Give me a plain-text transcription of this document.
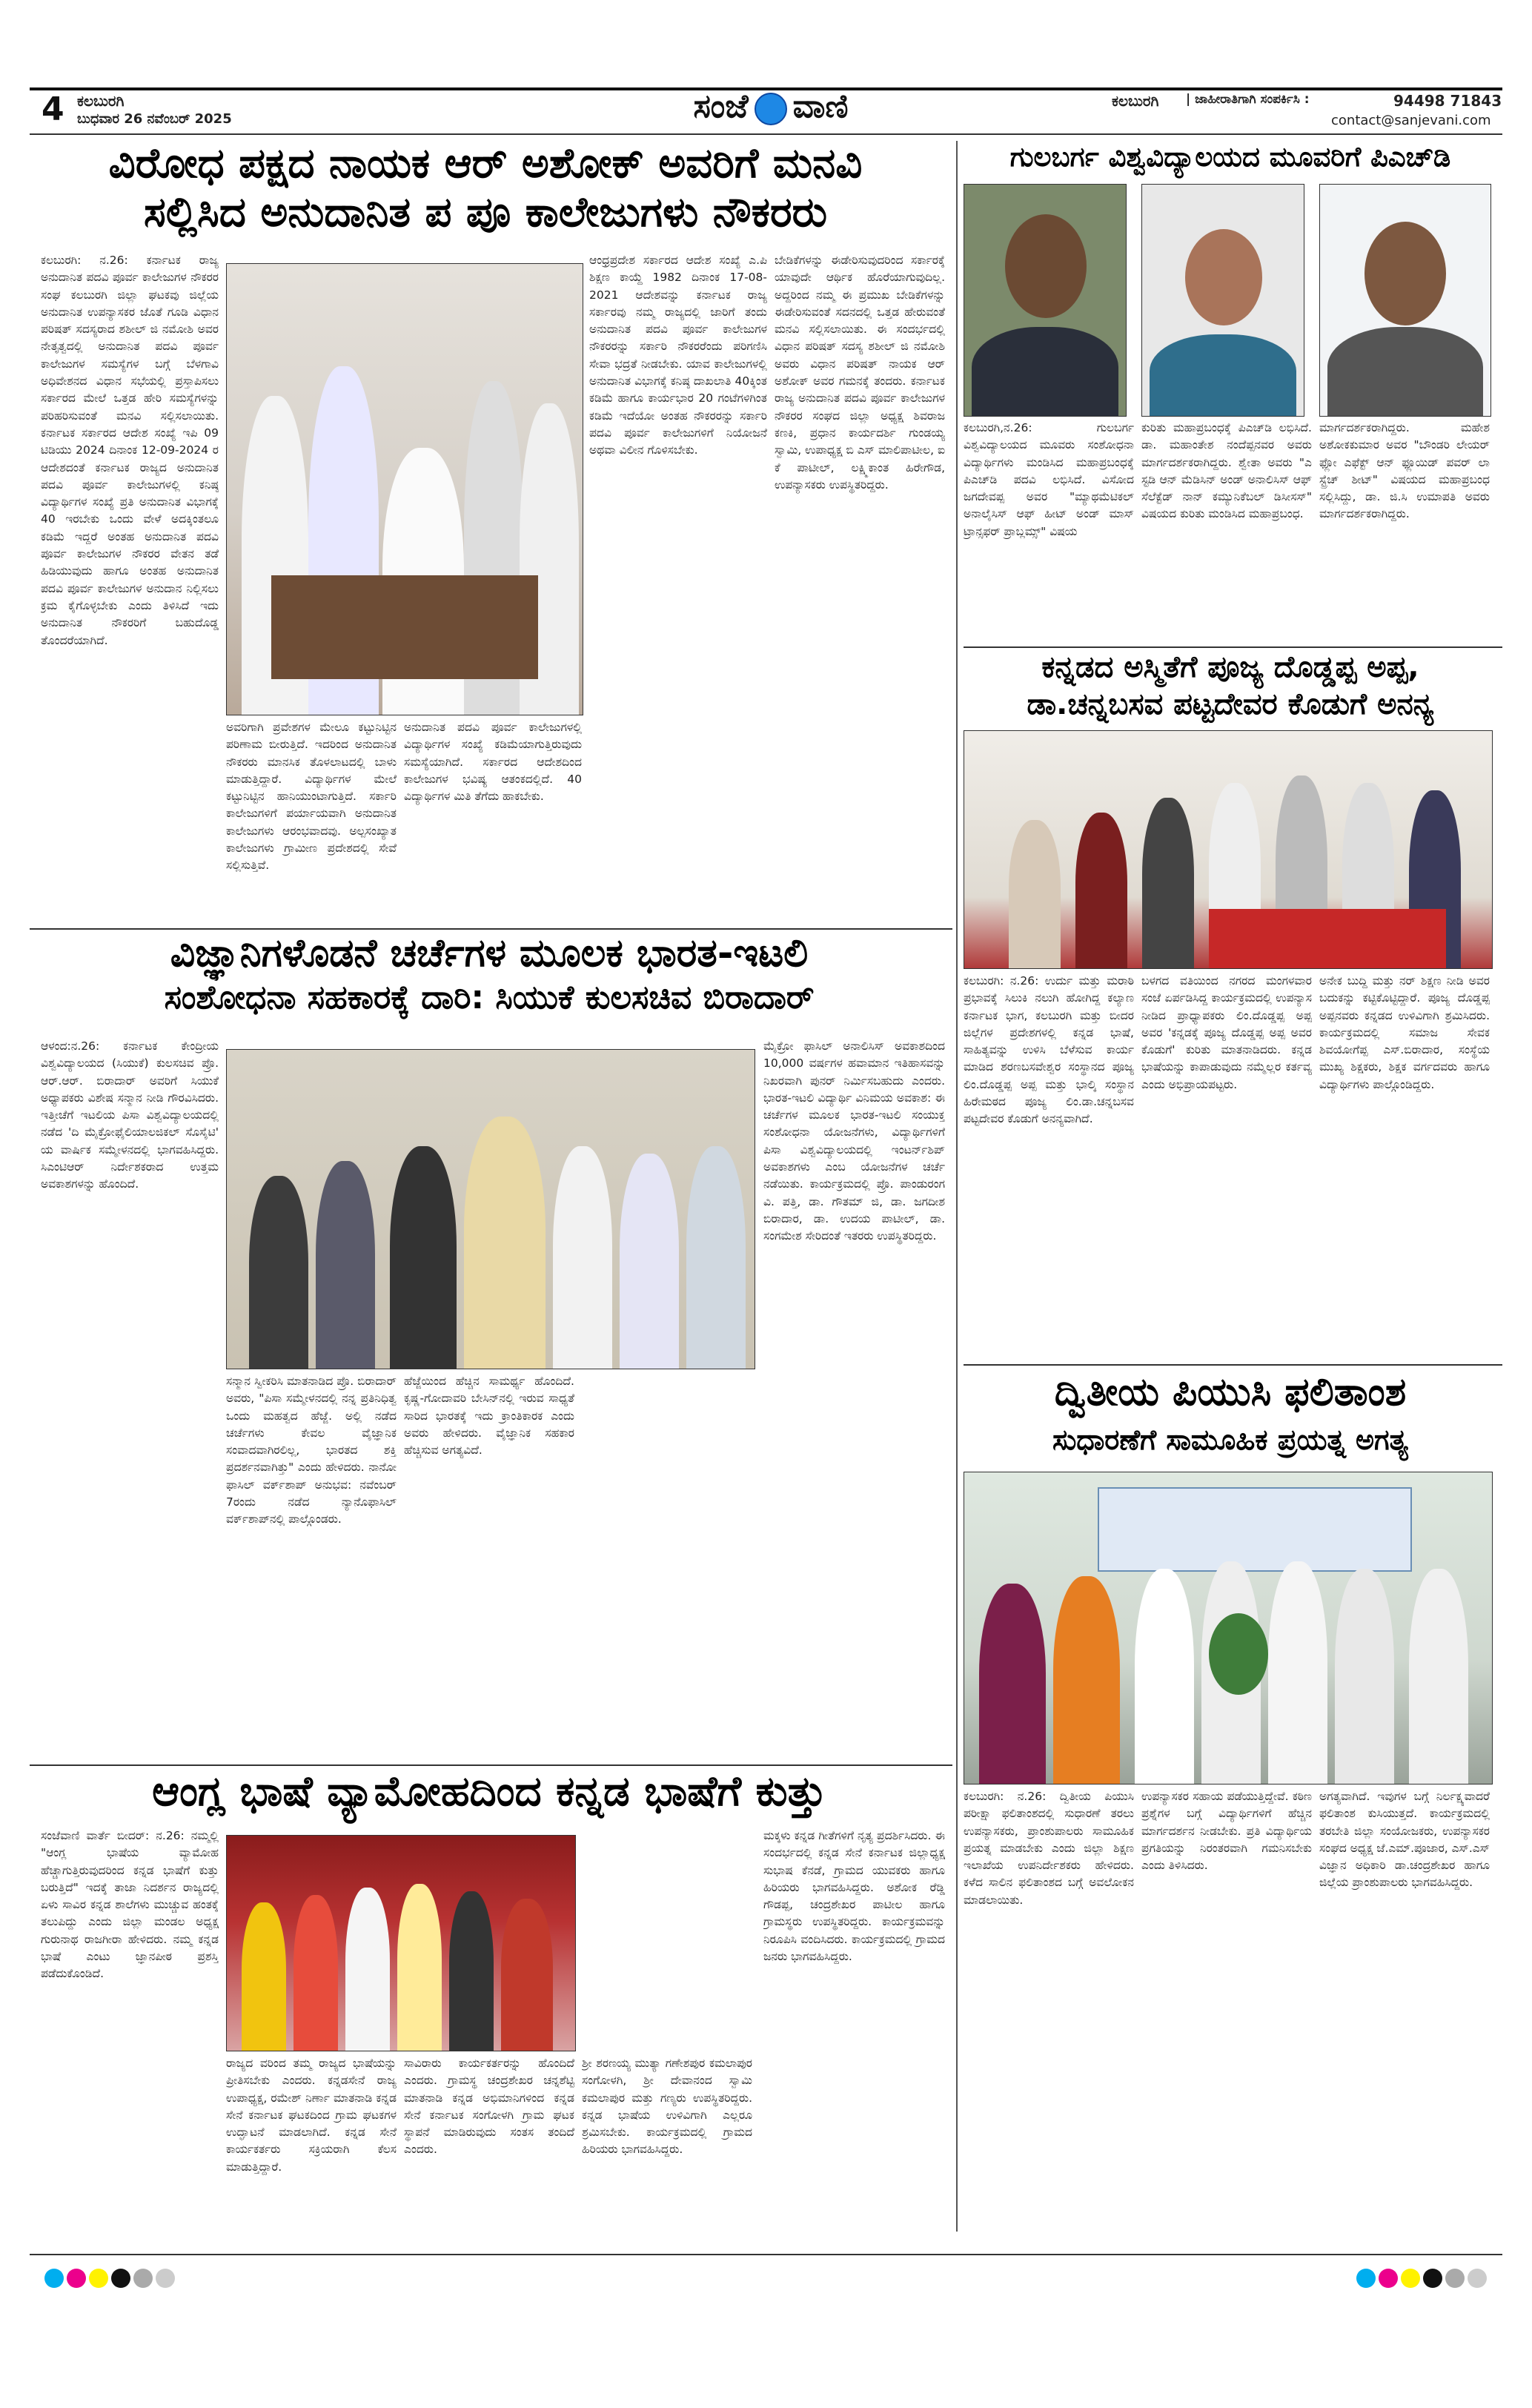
4 ಕಲಬುರಗಿ
ಬುಧವಾರ 26 ನವೆಂಬರ್ 2025	ಸಂಜೆ ವಾಣಿ	ಕಲಬುರಗಿ | ಜಾಹೀರಾತಿಗಾಗಿ ಸಂಪರ್ಕಿಸಿ :	94498 71843
contact@sanjevani.com
ವಿರೋಧ ಪಕ್ಷದ ನಾಯಕ ಆರ್ ಅಶೋಕ್ ಅವರಿಗೆ ಮನವಿ
ಸಲ್ಲಿಸಿದ ಅನುದಾನಿತ ಪ ಪೂ ಕಾಲೇಜುಗಳು ನೌಕರರು
ಕಲಬುರಗಿ: ನ.26: ಕರ್ನಾಟಕ ರಾಜ್ಯ ಅನುದಾನಿತ ಪದವಿ ಪೂರ್ವ ಕಾಲೇಜುಗಳ ನೌಕರರ ಸಂಘ ಕಲಬುರಗಿ ಜಿಲ್ಲಾ ಘಟಕವು ಜಿಲ್ಲೆಯ ಅನುದಾನಿತ ಉಪನ್ಯಾಸಕರ ಜೊತೆ ಗೂಡಿ ವಿಧಾನ ಪರಿಷತ್ ಸದಸ್ಯರಾದ ಶಶೀಲ್ ಜಿ ನಮೋಶಿ ಅವರ ನೇತೃತ್ವದಲ್ಲಿ ಅನುದಾನಿತ ಪದವಿ ಪೂರ್ವ ಕಾಲೇಜುಗಳ ಸಮಸ್ಯೆಗಳ ಬಗ್ಗೆ ಬೆಳಗಾವಿ ಅಧಿವೇಶನದ ವಿಧಾನ ಸಭೆಯಲ್ಲಿ ಪ್ರಸ್ತಾಪಿಸಲು ಸರ್ಕಾರದ ಮೇಲೆ ಒತ್ತಡ ಹೇರಿ ಸಮಸ್ಯೆಗಳನ್ನು ಪರಿಹರಿಸುವಂತೆ ಮನವಿ ಸಲ್ಲಿಸಲಾಯಿತು. ಕರ್ನಾಟಕ ಸರ್ಕಾರದ ಆದೇಶ ಸಂಖ್ಯೆ ಇಪಿ 09 ಟಿಡಿಯು 2024 ದಿನಾಂಕ 12-09-2024 ರ ಆದೇಶದಂತೆ ಕರ್ನಾಟಕ ರಾಜ್ಯದ ಅನುದಾನಿತ ಪದವಿ ಪೂರ್ವ ಕಾಲೇಜುಗಳಲ್ಲಿ ಕನಿಷ್ಠ ವಿದ್ಯಾರ್ಥಿಗಳ ಸಂಖ್ಯೆ ಪ್ರತಿ ಅನುದಾನಿತ ವಿಭಾಗಕ್ಕೆ 40 ಇರಬೇಕು ಒಂದು ವೇಳೆ ಅದಕ್ಕಿಂತಲೂ ಕಡಿಮೆ ಇದ್ದರೆ ಅಂತಹ ಅನುದಾನಿತ ಪದವಿ ಪೂರ್ವ ಕಾಲೇಜುಗಳ ನೌಕರರ ವೇತನ ತಡೆ ಹಿಡಿಯುವುದು ಹಾಗೂ ಅಂತಹ ಅನುದಾನಿತ ಪದವಿ ಪೂರ್ವ ಕಾಲೇಜುಗಳ ಅನುದಾನ ನಿಲ್ಲಿಸಲು ಕ್ರಮ ಕೈಗೊಳ್ಳಬೇಕು ಎಂದು ತಿಳಿಸಿದೆ ಇದು ಅನುದಾನಿತ ನೌಕರರಿಗೆ ಬಹುದೊಡ್ಡ ತೊಂದರೆಯಾಗಿದೆ.
ಅವರಿಗಾಗಿ ಪ್ರವೇಶಗಳ ಮೇಲೂ ಕಟ್ಟುನಿಟ್ಟಿನ ಪರಿಣಾಮ ಬೀರುತ್ತಿದೆ. ಇದರಿಂದ ಅನುದಾನಿತ ನೌಕರರು ಮಾನಸಿಕ ತೊಳಲಾಟದಲ್ಲಿ ಬಾಳು ಮಾಡುತ್ತಿದ್ದಾರೆ. ವಿದ್ಯಾರ್ಥಿಗಳ ಮೇಲೆ ಕಟ್ಟುನಿಟ್ಟಿನ ಹಾನಿಯುಂಟಾಗುತ್ತಿದೆ. ಸರ್ಕಾರಿ ಕಾಲೇಜುಗಳಿಗೆ ಪರ್ಯಾಯವಾಗಿ ಅನುದಾನಿತ ಕಾಲೇಜುಗಳು ಆರಂಭವಾದವು. ಅಲ್ಪಸಂಖ್ಯಾತ ಕಾಲೇಜುಗಳು ಗ್ರಾಮೀಣ ಪ್ರದೇಶದಲ್ಲಿ ಸೇವೆ ಸಲ್ಲಿಸುತ್ತಿವೆ.
ಅನುದಾನಿತ ಪದವಿ ಪೂರ್ವ ಕಾಲೇಜುಗಳಲ್ಲಿ ವಿದ್ಯಾರ್ಥಿಗಳ ಸಂಖ್ಯೆ ಕಡಿಮೆಯಾಗುತ್ತಿರುವುದು ಸಮಸ್ಯೆಯಾಗಿದೆ. ಸರ್ಕಾರದ ಆದೇಶದಿಂದ ಕಾಲೇಜುಗಳ ಭವಿಷ್ಯ ಆತಂಕದಲ್ಲಿದೆ. 40 ವಿದ್ಯಾರ್ಥಿಗಳ ಮಿತಿ ತೆಗೆದು ಹಾಕಬೇಕು.
ಆಂಧ್ರಪ್ರದೇಶ ಸರ್ಕಾರದ ಆದೇಶ ಸಂಖ್ಯೆ ಎ.ಪಿ ಶಿಕ್ಷಣ ಕಾಯ್ದೆ 1982 ದಿನಾಂಕ 17-08-2021 ಆದೇಶವನ್ನು ಕರ್ನಾಟಕ ರಾಜ್ಯ ಸರ್ಕಾರವು ನಮ್ಮ ರಾಜ್ಯದಲ್ಲಿ ಜಾರಿಗೆ ತಂದು ಅನುದಾನಿತ ಪದವಿ ಪೂರ್ವ ಕಾಲೇಜುಗಳ ನೌಕರರನ್ನು ಸರ್ಕಾರಿ ನೌಕರರೆಂದು ಪರಿಗಣಿಸಿ ಸೇವಾ ಭದ್ರತೆ ನೀಡಬೇಕು. ಯಾವ ಕಾಲೇಜುಗಳಲ್ಲಿ ಅನುದಾನಿತ ವಿಭಾಗಕ್ಕೆ ಕನಿಷ್ಠ ದಾಖಲಾತಿ 40ಕ್ಕಿಂತ ಕಡಿಮೆ ಹಾಗೂ ಕಾರ್ಯಭಾರ 20 ಗಂಟೆಗಳಿಗಿಂತ ಕಡಿಮೆ ಇದೆಯೋ ಅಂತಹ ನೌಕರರನ್ನು ಸರ್ಕಾರಿ ಪದವಿ ಪೂರ್ವ ಕಾಲೇಜುಗಳಿಗೆ ನಿಯೋಜನೆ ಅಥವಾ ವಿಲೀನ ಗೊಳಿಸಬೇಕು.
ಬೇಡಿಕೆಗಳನ್ನು ಈಡೇರಿಸುವುದರಿಂದ ಸರ್ಕಾರಕ್ಕೆ ಯಾವುದೇ ಆರ್ಥಿಕ ಹೊರೆಯಾಗುವುದಿಲ್ಲ. ಅದ್ದರಿಂದ ನಮ್ಮ ಈ ಪ್ರಮುಖ ಬೇಡಿಕೆಗಳನ್ನು ಈಡೇರಿಸುವಂತೆ ಸದನದಲ್ಲಿ ಒತ್ತಡ ಹೇರುವಂತೆ ಮನವಿ ಸಲ್ಲಿಸಲಾಯಿತು. ಈ ಸಂದರ್ಭದಲ್ಲಿ ವಿಧಾನ ಪರಿಷತ್ ಸದಸ್ಯ ಶಶೀಲ್ ಜಿ ನಮೋಶಿ ಅವರು ವಿಧಾನ ಪರಿಷತ್ ನಾಯಕ ಆರ್ ಅಶೋಕ್ ಅವರ ಗಮನಕ್ಕೆ ತಂದರು. ಕರ್ನಾಟಕ ರಾಜ್ಯ ಅನುದಾನಿತ ಪದವಿ ಪೂರ್ವ ಕಾಲೇಜುಗಳ ನೌಕರರ ಸಂಘದ ಜಿಲ್ಲಾ ಅಧ್ಯಕ್ಷ ಶಿವರಾಜ ಕಣಕಿ, ಪ್ರಧಾನ ಕಾರ್ಯದರ್ಶಿ ಗುಂಡಯ್ಯ ಸ್ವಾಮಿ, ಉಪಾಧ್ಯಕ್ಷ ಬಿ ಎಸ್ ಮಾಲಿಪಾಟೀಲ, ಐ ಕೆ ಪಾಟೀಲ್, ಲಕ್ಷ್ಮಿಕಾಂತ ಹಿರೇಗೌಡ, ಉಪನ್ಯಾಸಕರು ಉಪಸ್ಥಿತರಿದ್ದರು.
ಗುಲಬರ್ಗ ವಿಶ್ವವಿದ್ಯಾಲಯದ ಮೂವರಿಗೆ ಪಿಎಚ್‌ಡಿ
ಕಲಬುರಗಿ,ನ.26: ಗುಲಬರ್ಗ ವಿಶ್ವವಿದ್ಯಾಲಯದ ಮೂವರು ಸಂಶೋಧನಾ ವಿದ್ಯಾರ್ಥಿಗಳು ಮಂಡಿಸಿದ ಮಹಾಪ್ರಬಂಧಕ್ಕೆ ಪಿಎಚ್‌ಡಿ ಪದವಿ ಲಭಿಸಿದೆ. ವಿಸೋದ ಜಗದೇವಪ್ಪ ಅವರ "ಮ್ಯಾಥಮೆಟಿಕಲ್ ಅನಾಲೈಸಿಸ್ ಆಫ್ ಹೀಟ್ ಅಂಡ್ ಮಾಸ್ ಟ್ರಾನ್ಸಫರ್ ಪ್ರಾಬ್ಲಮ್ಸ್" ವಿಷಯ
ಕುರಿತು ಮಹಾಪ್ರಬಂಧಕ್ಕೆ ಪಿಎಚ್‌ಡಿ ಲಭಿಸಿದೆ. ಡಾ. ಮಹಾಂತೇಶ ನಂದೆಪ್ಪನವರ ಅವರು ಮಾರ್ಗದರ್ಶಕರಾಗಿದ್ದರು. ಶ್ವೇತಾ ಅವರು "ಎ ಸ್ಟಡಿ ಆನ್ ಮೆಡಿಸಿನ್ ಅಂಡ್ ಅನಾಲಿಸಿಸ್ ಆಫ್ ಸೆಲೆಕ್ಟೆಡ್ ನಾನ್ ಕಮ್ಯುನಿಕೆಬಲ್ ಡಿಸೀಸಸ್" ವಿಷಯದ ಕುರಿತು ಮಂಡಿಸಿದ ಮಹಾಪ್ರಬಂಧ.
ಮಾರ್ಗದರ್ಶಕರಾಗಿದ್ದರು. ಮಹೇಶ ಅಶೋಕಕುಮಾರ ಅವರ "ಬೌಂಡರಿ ಲೇಯರ್ ಫ್ಲೋ ಎಫೆಕ್ಟ್ ಆನ್ ಫ್ಲೂಯಿಡ್ ಪವರ್ ಲಾ ಸ್ಟ್ರೆಚ್ ಶೀಟ್" ವಿಷಯದ ಮಹಾಪ್ರಬಂಧ ಸಲ್ಲಿಸಿದ್ದು, ಡಾ. ಜಿ.ಸಿ ಉಮಾಪತಿ ಅವರು ಮಾರ್ಗದರ್ಶಕರಾಗಿದ್ದರು.
ಕನ್ನಡದ ಅಸ್ಮಿತೆಗೆ ಪೂಜ್ಯ ದೊಡ್ಡಪ್ಪ ಅಪ್ಪ,
ಡಾ.ಚನ್ನಬಸವ ಪಟ್ಟದೇವರ ಕೊಡುಗೆ ಅನನ್ಯ
ಕಲಬುರಗಿ: ನ.26: ಉರ್ದು ಮತ್ತು ಮರಾಠಿ ಪ್ರಭಾವಕ್ಕೆ ಸಿಲುಕಿ ನಲುಗಿ ಹೋಗಿದ್ದ ಕಲ್ಯಾಣ ಕರ್ನಾಟಕ ಭಾಗ, ಕಲಬುರಗಿ ಮತ್ತು ಬೀದರ ಜಿಲ್ಲೆಗಳ ಪ್ರದೇಶಗಳಲ್ಲಿ ಕನ್ನಡ ಭಾಷೆ, ಸಾಹಿತ್ಯವನ್ನು ಉಳಿಸಿ ಬೆಳೆಸುವ ಕಾರ್ಯ ಮಾಡಿದ ಶರಣಬಸವೇಶ್ವರ ಸಂಸ್ಥಾನದ ಪೂಜ್ಯ ಲಿಂ.ದೊಡ್ಡಪ್ಪ ಅಪ್ಪ ಮತ್ತು ಭಾಲ್ಕಿ ಸಂಸ್ಥಾನ ಹಿರೇಮಠದ ಪೂಜ್ಯ ಲಿಂ.ಡಾ.ಚನ್ನಬಸವ ಪಟ್ಟದೇವರ ಕೊಡುಗೆ ಅನನ್ಯವಾಗಿದೆ.
ಬಳಗದ ವತಿಯಿಂದ ನಗರದ ಮಂಗಳವಾರ ಸಂಜೆ ಏರ್ಪಡಿಸಿದ್ದ ಕಾರ್ಯಕ್ರಮದಲ್ಲಿ ಉಪನ್ಯಾಸ ನೀಡಿದ ಪ್ರಾಧ್ಯಾಪಕರು ಲಿಂ.ದೊಡ್ಡಪ್ಪ ಅಪ್ಪ ಅವರ 'ಕನ್ನಡಕ್ಕೆ ಪೂಜ್ಯ ದೊಡ್ಡಪ್ಪ ಅಪ್ಪ ಅವರ ಕೊಡುಗೆ' ಕುರಿತು ಮಾತನಾಡಿದರು. ಕನ್ನಡ ಭಾಷೆಯನ್ನು ಕಾಪಾಡುವುದು ನಮ್ಮೆಲ್ಲರ ಕರ್ತವ್ಯ ಎಂದು ಅಭಿಪ್ರಾಯಪಟ್ಟರು.
ಅನೇಕ ಬುದ್ದಿ ಮತ್ತು ನರ್ ಶಿಕ್ಷಣ ನೀಡಿ ಅವರ ಬದುಕನ್ನು ಕಟ್ಟಿಕೊಟ್ಟಿದ್ದಾರೆ. ಪೂಜ್ಯ ದೊಡ್ಡಪ್ಪ ಅಪ್ಪನವರು ಕನ್ನಡದ ಉಳಿವಿಗಾಗಿ ಶ್ರಮಿಸಿದರು. ಕಾರ್ಯಕ್ರಮದಲ್ಲಿ ಸಮಾಜ ಸೇವಕ ಶಿವಯೋಗೆಪ್ಪ ಎಸ್.ಬಿರಾದಾರ, ಸಂಸ್ಥೆಯ ಮುಖ್ಯ ಶಿಕ್ಷಕರು, ಶಿಕ್ಷಕ ವರ್ಗದವರು ಹಾಗೂ ವಿದ್ಯಾರ್ಥಿಗಳು ಪಾಲ್ಗೊಂಡಿದ್ದರು.
ವಿಜ್ಞಾನಿಗಳೊಡನೆ ಚರ್ಚೆಗಳ ಮೂಲಕ ಭಾರತ-ಇಟಲಿ
ಸಂಶೋಧನಾ ಸಹಕಾರಕ್ಕೆ ದಾರಿ: ಸಿಯುಕೆ ಕುಲಸಚಿವ ಬಿರಾದಾರ್
ಆಳಂದ:ನ.26: ಕರ್ನಾಟಕ ಕೇಂದ್ರೀಯ ವಿಶ್ವವಿದ್ಯಾಲಯದ (ಸಿಯುಕೆ) ಕುಲಸಚಿವ ಪ್ರೊ. ಆರ್.ಆರ್. ಬಿರಾದಾರ್ ಅವರಿಗೆ ಸಿಯುಕೆ ಅಧ್ಯಾಪಕರು ವಿಶೇಷ ಸನ್ಮಾನ ನೀಡಿ ಗೌರವಿಸಿದರು. ಇತ್ತೀಚೆಗೆ ಇಟಲಿಯ ಪಿಸಾ ವಿಶ್ವವಿದ್ಯಾಲಯದಲ್ಲಿ ನಡೆದ 'ದಿ ಮೈಕ್ರೋಫೈಲಿಯಾಲಜಿಕಲ್ ಸೊಸೈಟಿ' ಯ ವಾರ್ಷಿಕ ಸಮ್ಮೇಳನದಲ್ಲಿ ಭಾಗವಹಿಸಿದ್ದರು. ಸಿಎಂಟಿಆರ್ ನಿರ್ದೇಶಕರಾದ ಉತ್ತಮ ಅವಕಾಶಗಳನ್ನು ಹೊಂದಿದೆ.
ಸನ್ಮಾನ ಸ್ವೀಕರಿಸಿ ಮಾತನಾಡಿದ ಪ್ರೊ. ಬಿರಾದಾರ್ ಅವರು, "ಪಿಸಾ ಸಮ್ಮೇಳನದಲ್ಲಿ ನನ್ನ ಪ್ರತಿನಿಧಿತ್ವ ಒಂದು ಮಹತ್ವದ ಹೆಜ್ಜೆ. ಅಲ್ಲಿ ನಡೆದ ಚರ್ಚೆಗಳು ಕೇವಲ ವೈಜ್ಞಾನಿಕ ಸಂವಾದವಾಗಿರಲಿಲ್ಲ, ಭಾರತದ ಶಕ್ತಿ ಪ್ರದರ್ಶನವಾಗಿತ್ತು" ಎಂದು ಹೇಳಿದರು. ನಾನೋ ಫಾಸಿಲ್ ವರ್ಕ್‌ಶಾಪ್ ಅನುಭವ: ನವೆಂಬರ್ 7ರಂದು ನಡೆದ ನ್ಯಾನೊಫಾಸಿಲ್ ವರ್ಕ್‌ಶಾಪ್‌ನಲ್ಲಿ ಪಾಲ್ಗೊಂಡರು.
ಹೆಜ್ಜೆಯಿಂದ ಹೆಚ್ಚಿನ ಸಾಮರ್ಥ್ಯ ಹೊಂದಿದೆ. ಕೃಷ್ಣ-ಗೋದಾವರಿ ಬೇಸಿನ್‌ನಲ್ಲಿ ಇರುವ ಸಾಧ್ಯತೆ ಸಾರಿದ ಭಾರತಕ್ಕೆ ಇದು ಕ್ರಾಂತಿಕಾರಕ ಎಂದು ಅವರು ಹೇಳಿದರು. ವೈಜ್ಞಾನಿಕ ಸಹಕಾರ ಹೆಚ್ಚಿಸುವ ಅಗತ್ಯವಿದೆ.
ಮೈಕ್ರೋ ಫಾಸಿಲ್ ಅನಾಲಿಸಿಸ್ ಅವಕಾಶದಿಂದ 10,000 ವರ್ಷಗಳ ಹವಾಮಾನ ಇತಿಹಾಸವನ್ನು ನಿಖರವಾಗಿ ಪುನರ್ ನಿರ್ಮಿಸಬಹುದು ಎಂದರು. ಭಾರತ-ಇಟಲಿ ವಿದ್ಯಾರ್ಥಿ ವಿನಿಮಯ ಅವಕಾಶ: ಈ ಚರ್ಚೆಗಳ ಮೂಲಕ ಭಾರತ-ಇಟಲಿ ಸಂಯುಕ್ತ ಸಂಶೋಧನಾ ಯೋಜನೆಗಳು, ವಿದ್ಯಾರ್ಥಿಗಳಿಗೆ ಪಿಸಾ ವಿಶ್ವವಿದ್ಯಾಲಯದಲ್ಲಿ ಇಂಟರ್ನ್‌ಶಿಪ್ ಅವಕಾಶಗಳು ಎಂಬ ಯೋಜನೆಗಳ ಚರ್ಚೆ ನಡೆಯಿತು. ಕಾರ್ಯಕ್ರಮದಲ್ಲಿ ಪ್ರೊ. ಪಾಂಡುರಂಗ ವಿ. ಪತ್ತಿ, ಡಾ. ಗೌತಮ್ ಜಿ, ಡಾ. ಜಗದೀಶ ಬಿರಾದಾರ, ಡಾ. ಉದಯ ಪಾಟೀಲ್, ಡಾ. ಸಂಗಮೇಶ ಸೇರಿದಂತೆ ಇತರರು ಉಪಸ್ಥಿತರಿದ್ದರು.
ದ್ವಿತೀಯ ಪಿಯುಸಿ ಫಲಿತಾಂಶ
ಸುಧಾರಣೆಗೆ ಸಾಮೂಹಿಕ ಪ್ರಯತ್ನ ಅಗತ್ಯ
ಕಲಬುರಗಿ: ನ.26: ದ್ವಿತೀಯ ಪಿಯುಸಿ ಪರೀಕ್ಷಾ ಫಲಿತಾಂಶದಲ್ಲಿ ಸುಧಾರಣೆ ತರಲು ಉಪನ್ಯಾಸಕರು, ಪ್ರಾಂಶುಪಾಲರು ಸಾಮೂಹಿಕ ಪ್ರಯತ್ನ ಮಾಡಬೇಕು ಎಂದು ಜಿಲ್ಲಾ ಶಿಕ್ಷಣ ಇಲಾಖೆಯ ಉಪನಿರ್ದೇಶಕರು ಹೇಳಿದರು. ಕಳೆದ ಸಾಲಿನ ಫಲಿತಾಂಶದ ಬಗ್ಗೆ ಅವಲೋಕನ ಮಾಡಲಾಯಿತು.
ಉಪನ್ಯಾಸಕರ ಸಹಾಯ ಪಡೆಯುತ್ತಿದ್ದೇವೆ. ಕಠಿಣ ಪ್ರಶ್ನೆಗಳ ಬಗ್ಗೆ ವಿದ್ಯಾರ್ಥಿಗಳಿಗೆ ಹೆಚ್ಚಿನ ಮಾರ್ಗದರ್ಶನ ನೀಡಬೇಕು. ಪ್ರತಿ ವಿದ್ಯಾರ್ಥಿಯ ಪ್ರಗತಿಯನ್ನು ನಿರಂತರವಾಗಿ ಗಮನಿಸಬೇಕು ಎಂದು ತಿಳಿಸಿದರು.
ಅಗತ್ಯವಾಗಿದೆ. ಇವುಗಳ ಬಗ್ಗೆ ನಿರ್ಲಕ್ಷ್ಯವಾದರೆ ಫಲಿತಾಂಶ ಕುಸಿಯುತ್ತದೆ. ಕಾರ್ಯಕ್ರಮದಲ್ಲಿ ತರಬೇತಿ ಜಿಲ್ಲಾ ಸಂಯೋಜಕರು, ಉಪನ್ಯಾಸಕರ ಸಂಘದ ಅಧ್ಯಕ್ಷ ಜೆ.ಎಮ್.ಪೂಜಾರ, ಎಸ್.ಎಸ್ ವಿಜ್ಞಾನ ಅಧಿಕಾರಿ ಡಾ.ಚಂದ್ರಶೇಖರ ಹಾಗೂ ಜಿಲ್ಲೆಯ ಪ್ರಾಂಶುಪಾಲರು ಭಾಗವಹಿಸಿದ್ದರು.
ಆಂಗ್ಲ ಭಾಷೆ ವ್ಯಾಮೋಹದಿಂದ ಕನ್ನಡ ಭಾಷೆಗೆ ಕುತ್ತು
ಸಂಜೆವಾಣಿ ವಾರ್ತೆ ಬೀದರ್: ನ.26: ನಮ್ಮಲ್ಲಿ "ಆಂಗ್ಲ ಭಾಷೆಯ ವ್ಯಾಮೋಹ ಹೆಚ್ಚಾಗುತ್ತಿರುವುದರಿಂದ ಕನ್ನಡ ಭಾಷೆಗೆ ಕುತ್ತು ಬರುತ್ತಿದೆ" ಇದಕ್ಕೆ ತಾಜಾ ನಿದರ್ಶನ ರಾಜ್ಯದಲ್ಲಿ ಏಳು ಸಾವಿರ ಕನ್ನಡ ಶಾಲೆಗಳು ಮುಚ್ಚುವ ಹಂತಕ್ಕೆ ತಲುಪಿದ್ದು ಎಂದು ಜಿಲ್ಲಾ ಮಂಡಲ ಅಧ್ಯಕ್ಷ ಗುರುನಾಥ ರಾಜಗೀರಾ ಹೇಳಿದರು. ನಮ್ಮ ಕನ್ನಡ ಭಾಷೆ ಎಂಟು ಜ್ಞಾನಪೀಠ ಪ್ರಶಸ್ತಿ ಪಡೆದುಕೊಂಡಿದೆ.
ರಾಜ್ಯದ ವರಿಂದ ತಮ್ಮ ರಾಜ್ಯದ ಭಾಷೆಯನ್ನು ಪ್ರೀತಿಸಬೇಕು ಎಂದರು. ಕನ್ನಡಸೇನೆ ರಾಜ್ಯ ಉಪಾಧ್ಯಕ್ಷ, ರಮೇಶ್ ನಿರ್ಣಾ ಮಾತನಾಡಿ ಕನ್ನಡ ಸೇನೆ ಕರ್ನಾಟಕ ಘಟಕದಿಂದ ಗ್ರಾಮ ಘಟಕಗಳ ಉದ್ಘಾಟನೆ ಮಾಡಲಾಗಿದೆ. ಕನ್ನಡ ಸೇನೆ ಕಾರ್ಯಕರ್ತರು ಸಕ್ರಿಯರಾಗಿ ಕೆಲಸ ಮಾಡುತ್ತಿದ್ದಾರೆ.
ಸಾವಿರಾರು ಕಾರ್ಯಕರ್ತರನ್ನು ಹೊಂದಿದೆ ಎಂದರು. ಗ್ರಾಮಸ್ಥ ಚಂದ್ರಶೇಖರ ಚನ್ನಶೆಟ್ಟಿ ಮಾತನಾಡಿ ಕನ್ನಡ ಅಭಿಮಾನಿಗಳಿಂದ ಕನ್ನಡ ಸೇನೆ ಕರ್ನಾಟಕ ಸಂಗೋಳಗಿ ಗ್ರಾಮ ಘಟಕ ಸ್ಥಾಪನೆ ಮಾಡಿರುವುದು ಸಂತಸ ತಂದಿದೆ ಎಂದರು.
ಶ್ರೀ ಶರಣಯ್ಯ ಮುತ್ಯಾ ಗಣೇಶಪುರ ಕಮಲಾಪುರ ಸಂಗೋಳಗಿ, ಶ್ರೀ ದೇವಾನಂದ ಸ್ವಾಮಿ ಕಮಲಾಪುರ ಮತ್ತು ಗಣ್ಯರು ಉಪಸ್ಥಿತರಿದ್ದರು. ಕನ್ನಡ ಭಾಷೆಯ ಉಳಿವಿಗಾಗಿ ಎಲ್ಲರೂ ಶ್ರಮಿಸಬೇಕು. ಕಾರ್ಯಕ್ರಮದಲ್ಲಿ ಗ್ರಾಮದ ಹಿರಿಯರು ಭಾಗವಹಿಸಿದ್ದರು.
ಮಕ್ಕಳು ಕನ್ನಡ ಗೀತೆಗಳಿಗೆ ನೃತ್ಯ ಪ್ರದರ್ಶಿಸಿದರು. ಈ ಸಂದರ್ಭದಲ್ಲಿ ಕನ್ನಡ ಸೇನೆ ಕರ್ನಾಟಕ ಜಿಲ್ಲಾಧ್ಯಕ್ಷ ಸುಭಾಷ ಕೆನಡೆ, ಗ್ರಾಮದ ಯುವಕರು ಹಾಗೂ ಹಿರಿಯರು ಭಾಗವಹಿಸಿದ್ದರು. ಅಶೋಕ ರೆಡ್ಡಿ ಗೌಡಪ್ಪ, ಚಂದ್ರಶೇಖರ ಪಾಟೀಲ ಹಾಗೂ ಗ್ರಾಮಸ್ಥರು ಉಪಸ್ಥಿತರಿದ್ದರು. ಕಾರ್ಯಕ್ರಮವನ್ನು ನಿರೂಪಿಸಿ ವಂದಿಸಿದರು. ಕಾರ್ಯಕ್ರಮದಲ್ಲಿ ಗ್ರಾಮದ ಜನರು ಭಾಗವಹಿಸಿದ್ದರು.
